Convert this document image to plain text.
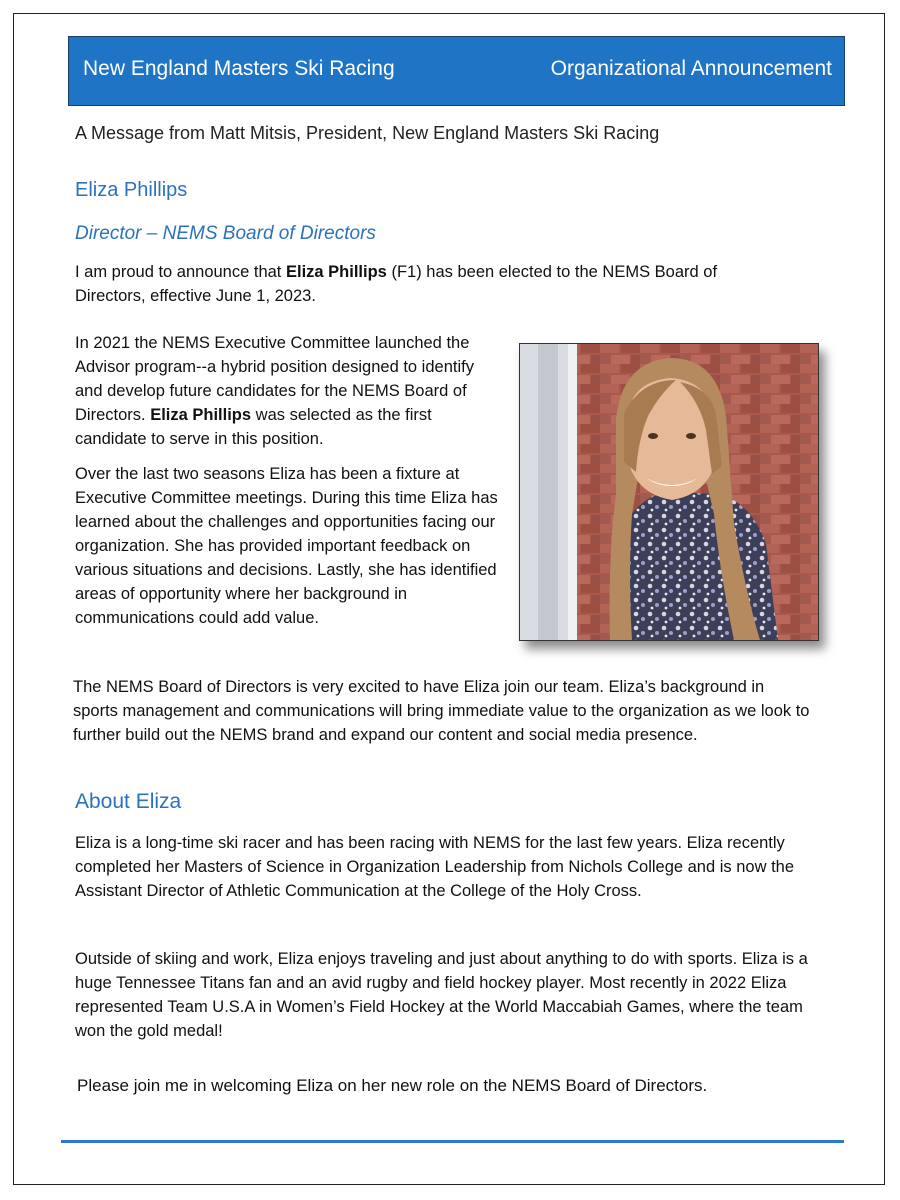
New England Masters Ski Racing	Organizational Announcement

A Message from Matt Mitsis, President, New England Masters Ski Racing

Eliza Phillips

Director – NEMS Board of Directors

I am proud to announce that Eliza Phillips (F1) has been elected to the NEMS Board of Directors, effective June 1, 2023.

In 2021 the NEMS Executive Committee launched the Advisor program--a hybrid position designed to identify and develop future candidates for the NEMS Board of Directors. Eliza Phillips was selected as the first candidate to serve in this position.

Over the last two seasons Eliza has been a fixture at Executive Committee meetings. During this time Eliza has learned about the challenges and opportunities facing our organization. She has provided important feedback on various situations and decisions. Lastly, she has identified areas of opportunity where her background in communications could add value.

The NEMS Board of Directors is very excited to have Eliza join our team. Eliza’s background in sports management and communications will bring immediate value to the organization as we look to further build out the NEMS brand and expand our content and social media presence.

About Eliza

Eliza is a long-time ski racer and has been racing with NEMS for the last few years. Eliza recently completed her Masters of Science in Organization Leadership from Nichols College and is now the Assistant Director of Athletic Communication at the College of the Holy Cross.

Outside of skiing and work, Eliza enjoys traveling and just about anything to do with sports. Eliza is a huge Tennessee Titans fan and an avid rugby and field hockey player. Most recently in 2022 Eliza represented Team U.S.A in Women’s Field Hockey at the World Maccabiah Games, where the team won the gold medal!

Please join me in welcoming Eliza on her new role on the NEMS Board of Directors.
